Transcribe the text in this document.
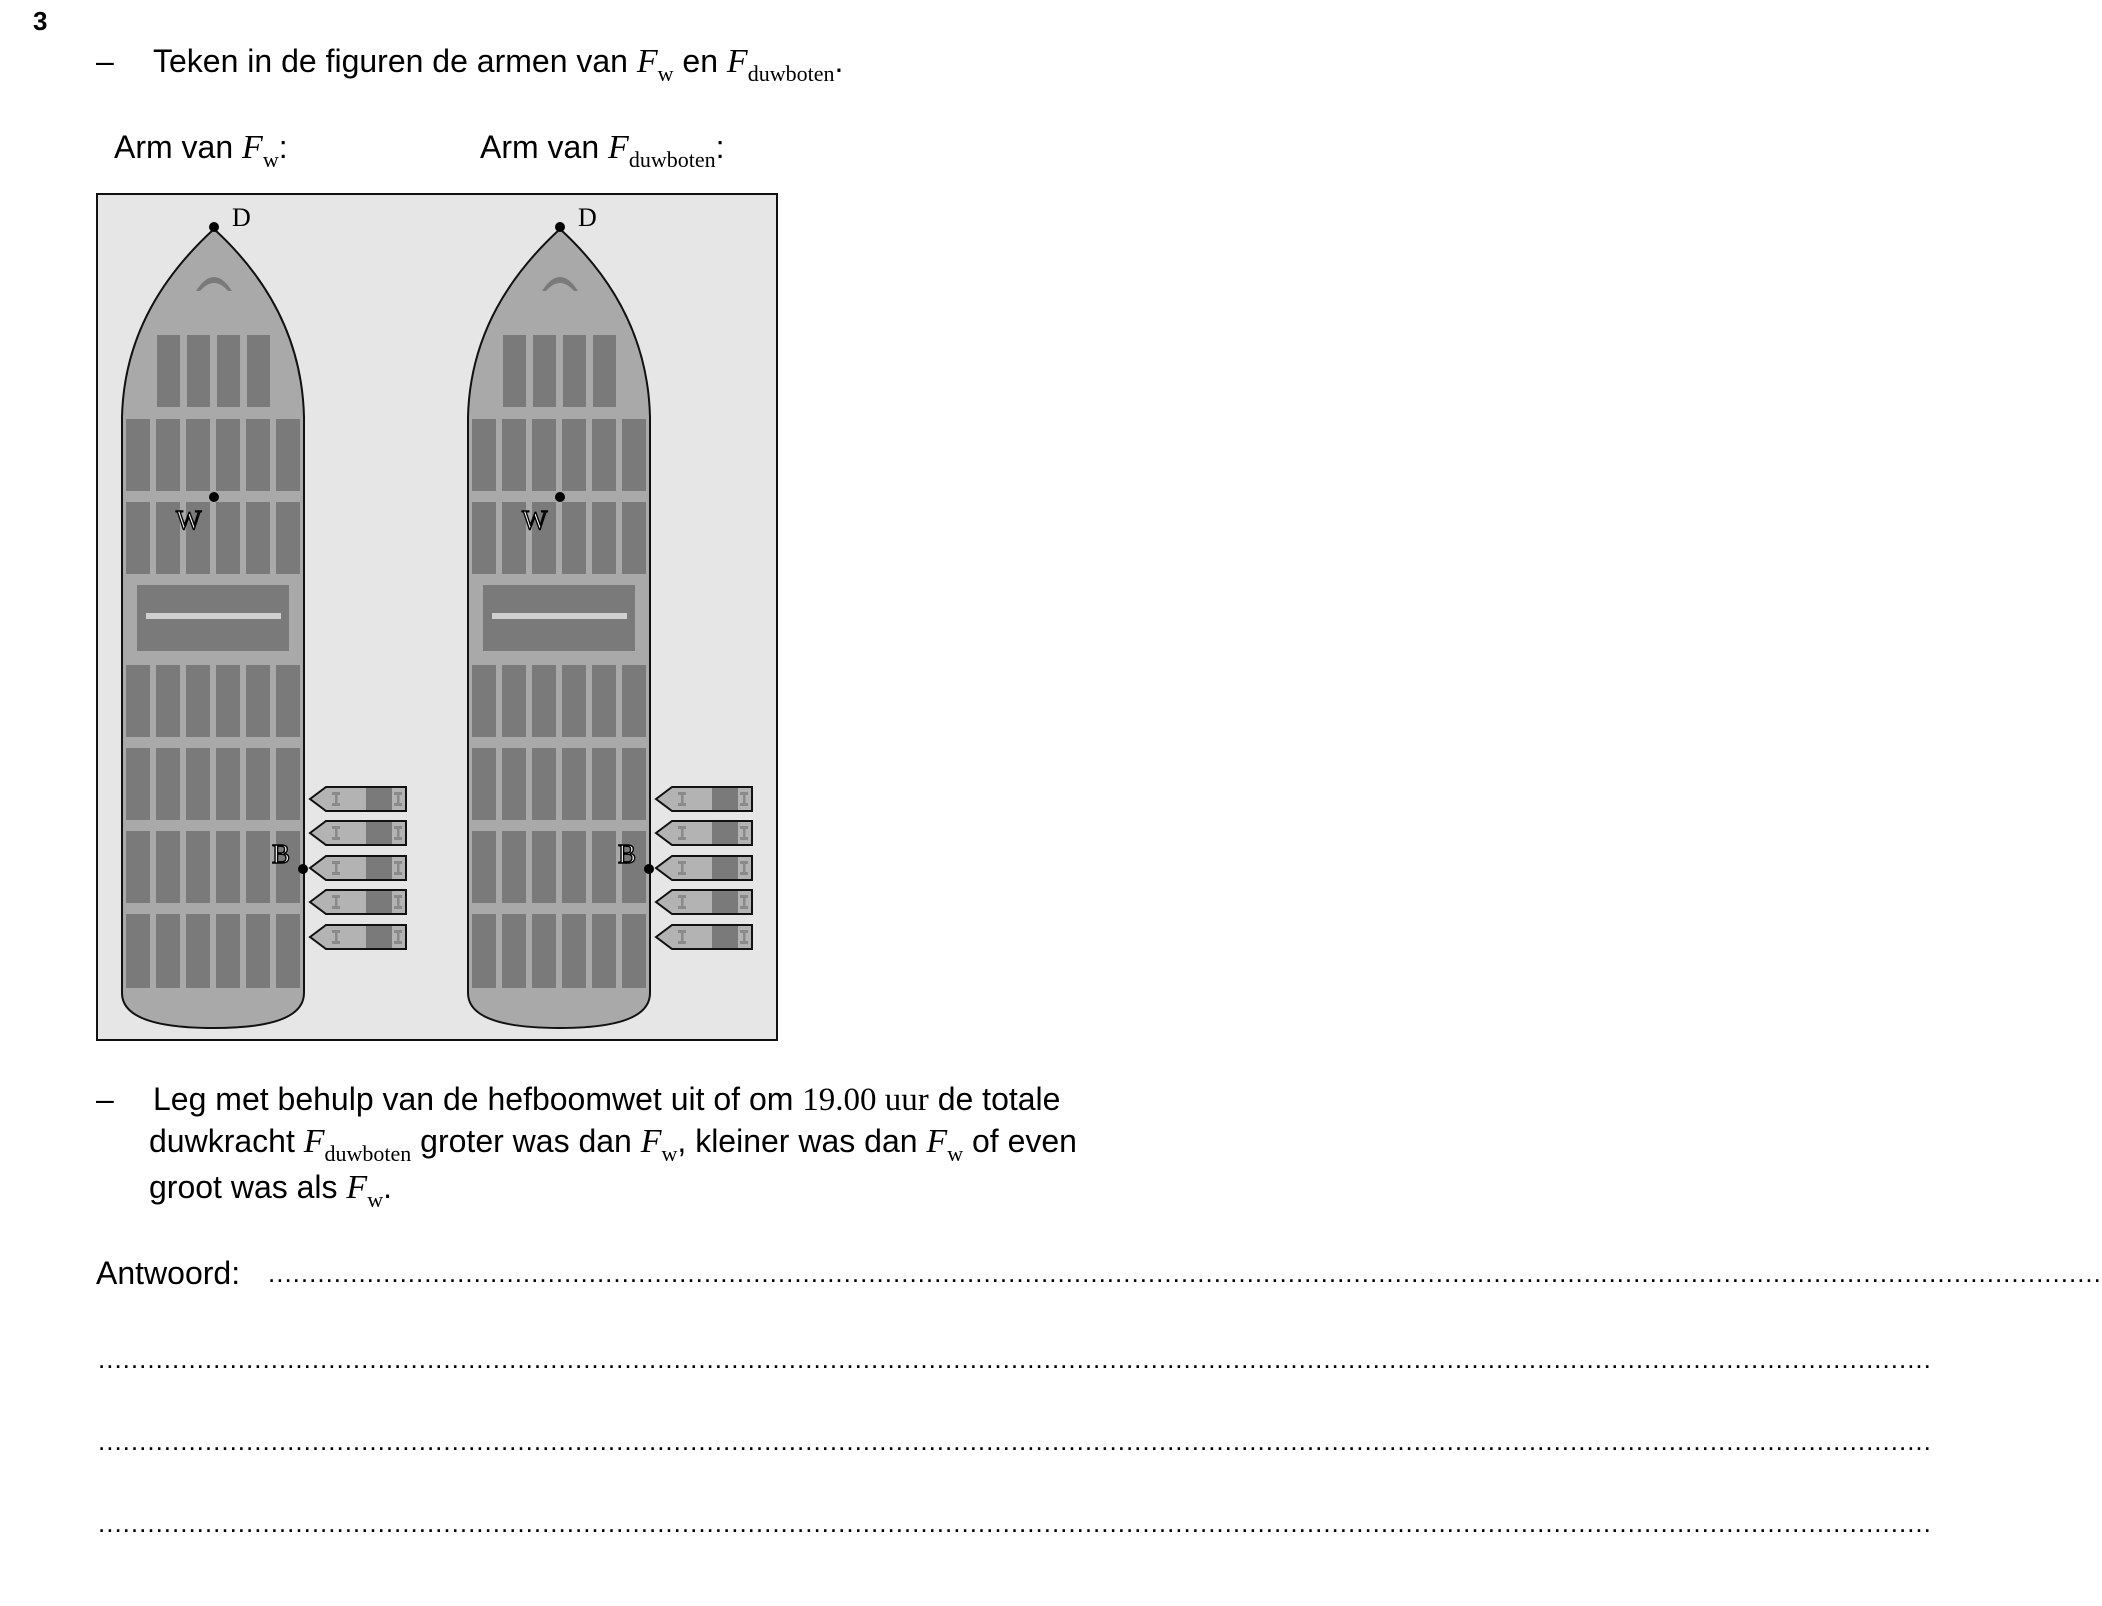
3
– Teken in de figuren de armen van $F_w$ en $F_{duwboten}$.
Arm van $F_w$:	Arm van $F_{duwboten}$:
D
W
B
D
W
B
– Leg met behulp van de hefboomwet uit of om 19.00 uur de totale
duwkracht $F_{duwboten}$ groter was dan $F_w$, kleiner was dan $F_w$ of even
groot was als $F_w$.
Antwoord: ...............................................................................................................................................................................................................................
...............................................................................................................................................................................................................................
...............................................................................................................................................................................................................................
...............................................................................................................................................................................................................................
